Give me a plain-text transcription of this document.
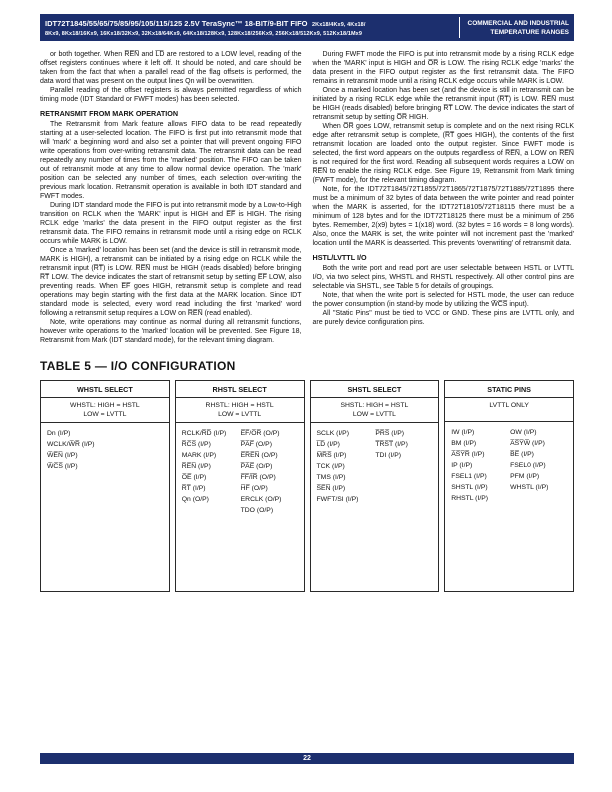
IDT72T1845/55/65/75/85/95/105/115/125 2.5V TeraSync™ 18-BIT/9-BIT FIFO 2Kx18/4Kx9, 4Kx18/
8Kx9, 8Kx18/16Kx9, 16Kx18/32Kx9, 32Kx18/64Kx9, 64Kx18/128Kx9, 128Kx18/256Kx9, 256Kx18/512Kx9, 512Kx18/1Mx9
COMMERCIAL AND INDUSTRIAL
TEMPERATURE RANGES

or both together. When R̅E̅N̅ and L̅D̅ are restored to a LOW level, reading of the offset registers continues where it left off. It should be noted, and care should be taken from the fact that when a parallel read of the flag offsets is performed, the data word that was present on the output lines Qn will be overwritten.

Parallel reading of the offset registers is always permitted regardless of which timing mode (IDT Standard or FWFT modes) has been selected.

RETRANSMIT FROM MARK OPERATION

The Retransmit from Mark feature allows FIFO data to be read repeatedly starting at a user-selected location. The FIFO is first put into retransmit mode that will 'mark' a beginning word and also set a pointer that will prevent ongoing FIFO write operations from over-writing retransmit data. The retransmit data can be read repeatedly any number of times from the 'marked' position. The FIFO can be taken out of retransmit mode at any time to allow normal device operation. The 'mark' position can be selected any number of times, each selection over-writing the previous mark location. Retransmit operation is available in both IDT standard and FWFT modes.

During IDT standard mode the FIFO is put into retransmit mode by a Low-to-High transition on RCLK when the 'MARK' input is HIGH and E̅F̅ is HIGH. The rising RCLK edge 'marks' the data present in the FIFO output register as the first retransmit data. The FIFO remains in retransmit mode until a rising edge on RCLK occurs while MARK is LOW.

Once a 'marked' location has been set (and the device is still in retransmit mode, MARK is HIGH), a retransmit can be initiated by a rising edge on RCLK while the retransmit input (R̅T̅) is LOW. R̅E̅N̅ must be HIGH (reads disabled) before bringing R̅T̅ LOW. The device indicates the start of retransmit setup by setting E̅F̅ LOW, also preventing reads. When E̅F̅ goes HIGH, retransmit setup is complete and read operations may begin starting with the first data at the MARK location. Since IDT standard mode is selected, every word read including the first 'marked' word following a retransmit setup requires a LOW on R̅E̅N̅ (read enabled).

Note, write operations may continue as normal during all retransmit functions, however write operations to the 'marked' location will be prevented. See Figure 18, Retransmit from Mark (IDT standard mode), for the relevant timing diagram.

During FWFT mode the FIFO is put into retransmit mode by a rising RCLK edge when the 'MARK' input is HIGH and O̅R̅ is LOW. The rising RCLK edge 'marks' the data present in the FIFO output register as the first retransmit data. The FIFO remains in retransmit mode until a rising RCLK edge occurs while MARK is LOW.

Once a marked location has been set (and the device is still in retransmit can be initiated by a rising RCLK edge while the retransmit input (R̅T̅) is LOW. R̅E̅N̅ must be HIGH (reads disabled) before bringing R̅T̅ LOW. The device indicates the start of retransmit setup by setting O̅R̅ HIGH.

When O̅R̅ goes LOW, retransmit setup is complete and on the next rising RCLK edge after retransmit setup is complete, (R̅T̅ goes HIGH), the contents of the first retransmit location are loaded onto the output register. Since FWFT mode is selected, the first word appears on the outputs regardless of R̅E̅N̅, a LOW on R̅E̅N̅ is not required for the first word. Reading all subsequent words requires a LOW on R̅E̅N̅ to enable the rising RCLK edge. See Figure 19, Retransmit from Mark timing (FWFT mode), for the relevant timing diagram.

Note, for the IDT72T1845/72T1855/72T1865/72T1875/72T1885/72T1895 there must be a minimum of 32 bytes of data between the write pointer and read pointer when the MARK is asserted, for the IDT72T18105/72T18115 there must be a minimum of 128 bytes and for the IDT72T18125 there must be a minimum of 256 bytes. Remember, 2(x9) bytes = 1(x18) word. (32 bytes = 16 words = 8 long words). Also, once the MARK is set, the write pointer will not increment past the 'marked' location until the MARK is deasserted. This prevents 'overwriting' of retransmit data.

HSTL/LVTTL I/O

Both the write port and read port are user selectable between HSTL or LVTTL I/O, via two select pins, WHSTL and RHSTL respectively. All other control pins are selectable via SHSTL, see Table 5 for details of groupings.

Note, that when the write port is selected for HSTL mode, the user can reduce the power consumption (in stand-by mode by utilizing the W̅C̅S̅ input).

All "Static Pins" must be tied to VCC or GND. These pins are LVTTL only, and are purely device configuration pins.

TABLE 5 — I/O CONFIGURATION
WHSTL SELECT
WHSTL: HIGH = HSTL
LOW = LVTTL
Dn (I/P)
WCLK/W̅R̅ (I/P)
W̅E̅N̅ (I/P)
W̅C̅S̅ (I/P)
RHSTL SELECT
RHSTL: HIGH = HSTL
LOW = LVTTL
RCLK/R̅D̅ (I/P)
R̅C̅S̅ (I/P)
MARK (I/P)
R̅E̅N̅ (I/P)
O̅E̅ (I/P)
R̅T̅ (I/P)
Qn (O/P)
E̅F̅/O̅R̅ (O/P)
P̅A̅F̅ (O/P)
E̅R̅E̅N̅ (O/P)
P̅A̅E̅ (O/P)
F̅F̅/I̅R̅ (O/P)
H̅F̅ (O/P)
ERCLK (O/P)
TDO (O/P)
SHSTL SELECT
SHSTL: HIGH = HSTL
LOW = LVTTL
SCLK (I/P)
L̅D̅ (I/P)
M̅R̅S̅ (I/P)
TCK (I/P)
TMS (I/P)
S̅E̅N̅ (I/P)
FWFT/SI (I/P)
P̅R̅S̅ (I/P)
T̅R̅S̅T̅ (I/P)
TDI (I/P)
STATIC PINS
LVTTL ONLY
IW (I/P)
BM (I/P)
A̅S̅Y̅R̅ (I/P)
IP (I/P)
FSEL1 (I/P)
SHSTL (I/P)
RHSTL (I/P)
OW (I/P)
A̅S̅Y̅W̅ (I/P)
B̅E̅ (I/P)
FSEL0 (I/P)
PFM (I/P)
WHSTL (I/P)
22
